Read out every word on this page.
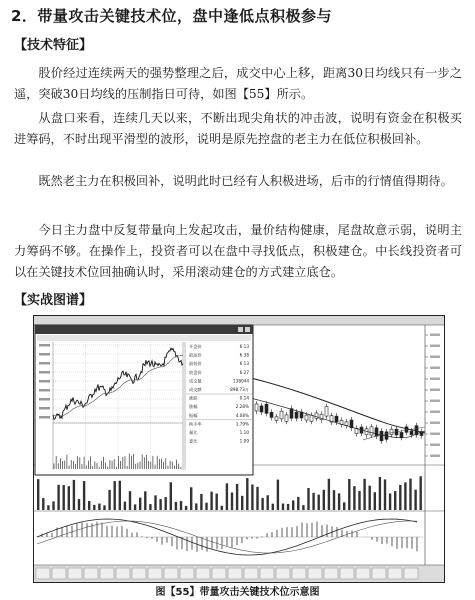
2．带量攻击关键技术位，盘中逢低点积极参与
【技术特征】

股价经过连续两天的强势整理之后，成交中心上移，距离30日均线只有一步之遥，突破30日均线的压制指日可待，如图【55】所示。

从盘口来看，连续几天以来，不断出现尖角状的冲击波，说明有资金在积极买进筹码，不时出现平滑型的波形，说明是原先控盘的老主力在低位积极回补。

既然老主力在积极回补，说明此时已经有人积极进场，后市的行情值得期待。

今日主力盘中反复带量向上发起攻击，量价结构健康，尾盘故意示弱，说明主力筹码不够。在操作上，投资者可以在盘中寻找低点，积极建仓。中长线投资者可以在关键技术位回抽确认时，采用滚动建仓的方式建立底仓。

【实战图谱】
开盘价	6.13
最高价	6.38
最低价	6.13
收盘价	6.27
成交量	138044
成交额	898.73万
涨跌	0.14
涨幅	2.28%
振幅	4.08%
换手率	1.79%
量比	1.10
委比	1.09
图【55】带量攻击关键技术位示意图
